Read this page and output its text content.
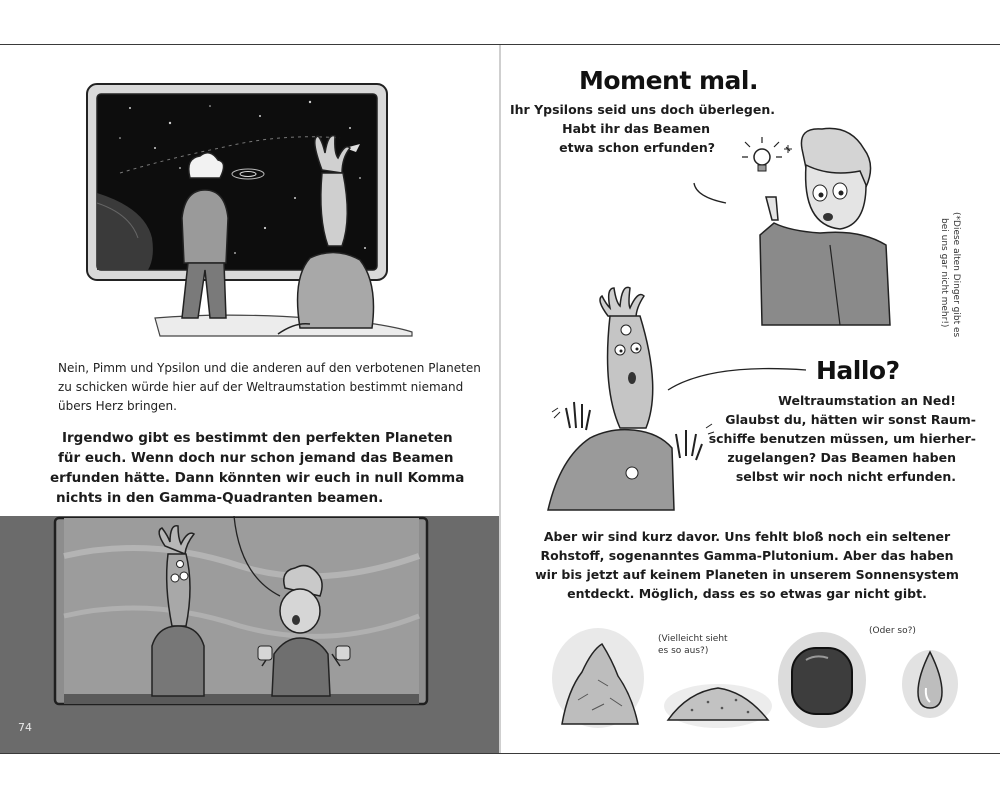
Nein, Pimm und Ypsilon und die anderen auf den verbotenen Planeten
zu schicken würde hier auf der Weltraumstation bestimmt niemand
übers Herz bringen.
Irgendwo gibt es bestimmt den perfekten Planeten
für euch. Wenn doch nur schon jemand das Beamen
erfunden hätte. Dann könnten wir euch in null Komma
nichts in den Gamma-Quadranten beamen.
74
Moment mal.
Ihr Ypsilons seid uns doch überlegen.
Habt ihr das Beamen
etwa schon erfunden?
(*Diese alten Dinger gibt es
bei uns gar nicht mehr!)
Hallo?
Weltraumstation an Ned!
Glaubst du, hätten wir sonst Raum-
schiffe benutzen müssen, um hierher-
zugelangen? Das Beamen haben
selbst wir noch nicht erfunden.
Aber wir sind kurz davor. Uns fehlt bloß noch ein seltener
Rohstoff, sogenanntes Gamma-Plutonium. Aber das haben
wir bis jetzt auf keinem Planeten in unserem Sonnensystem
entdeckt. Möglich, dass es so etwas gar nicht gibt.
(Vielleicht sieht
es so aus?)
(Oder so?)
